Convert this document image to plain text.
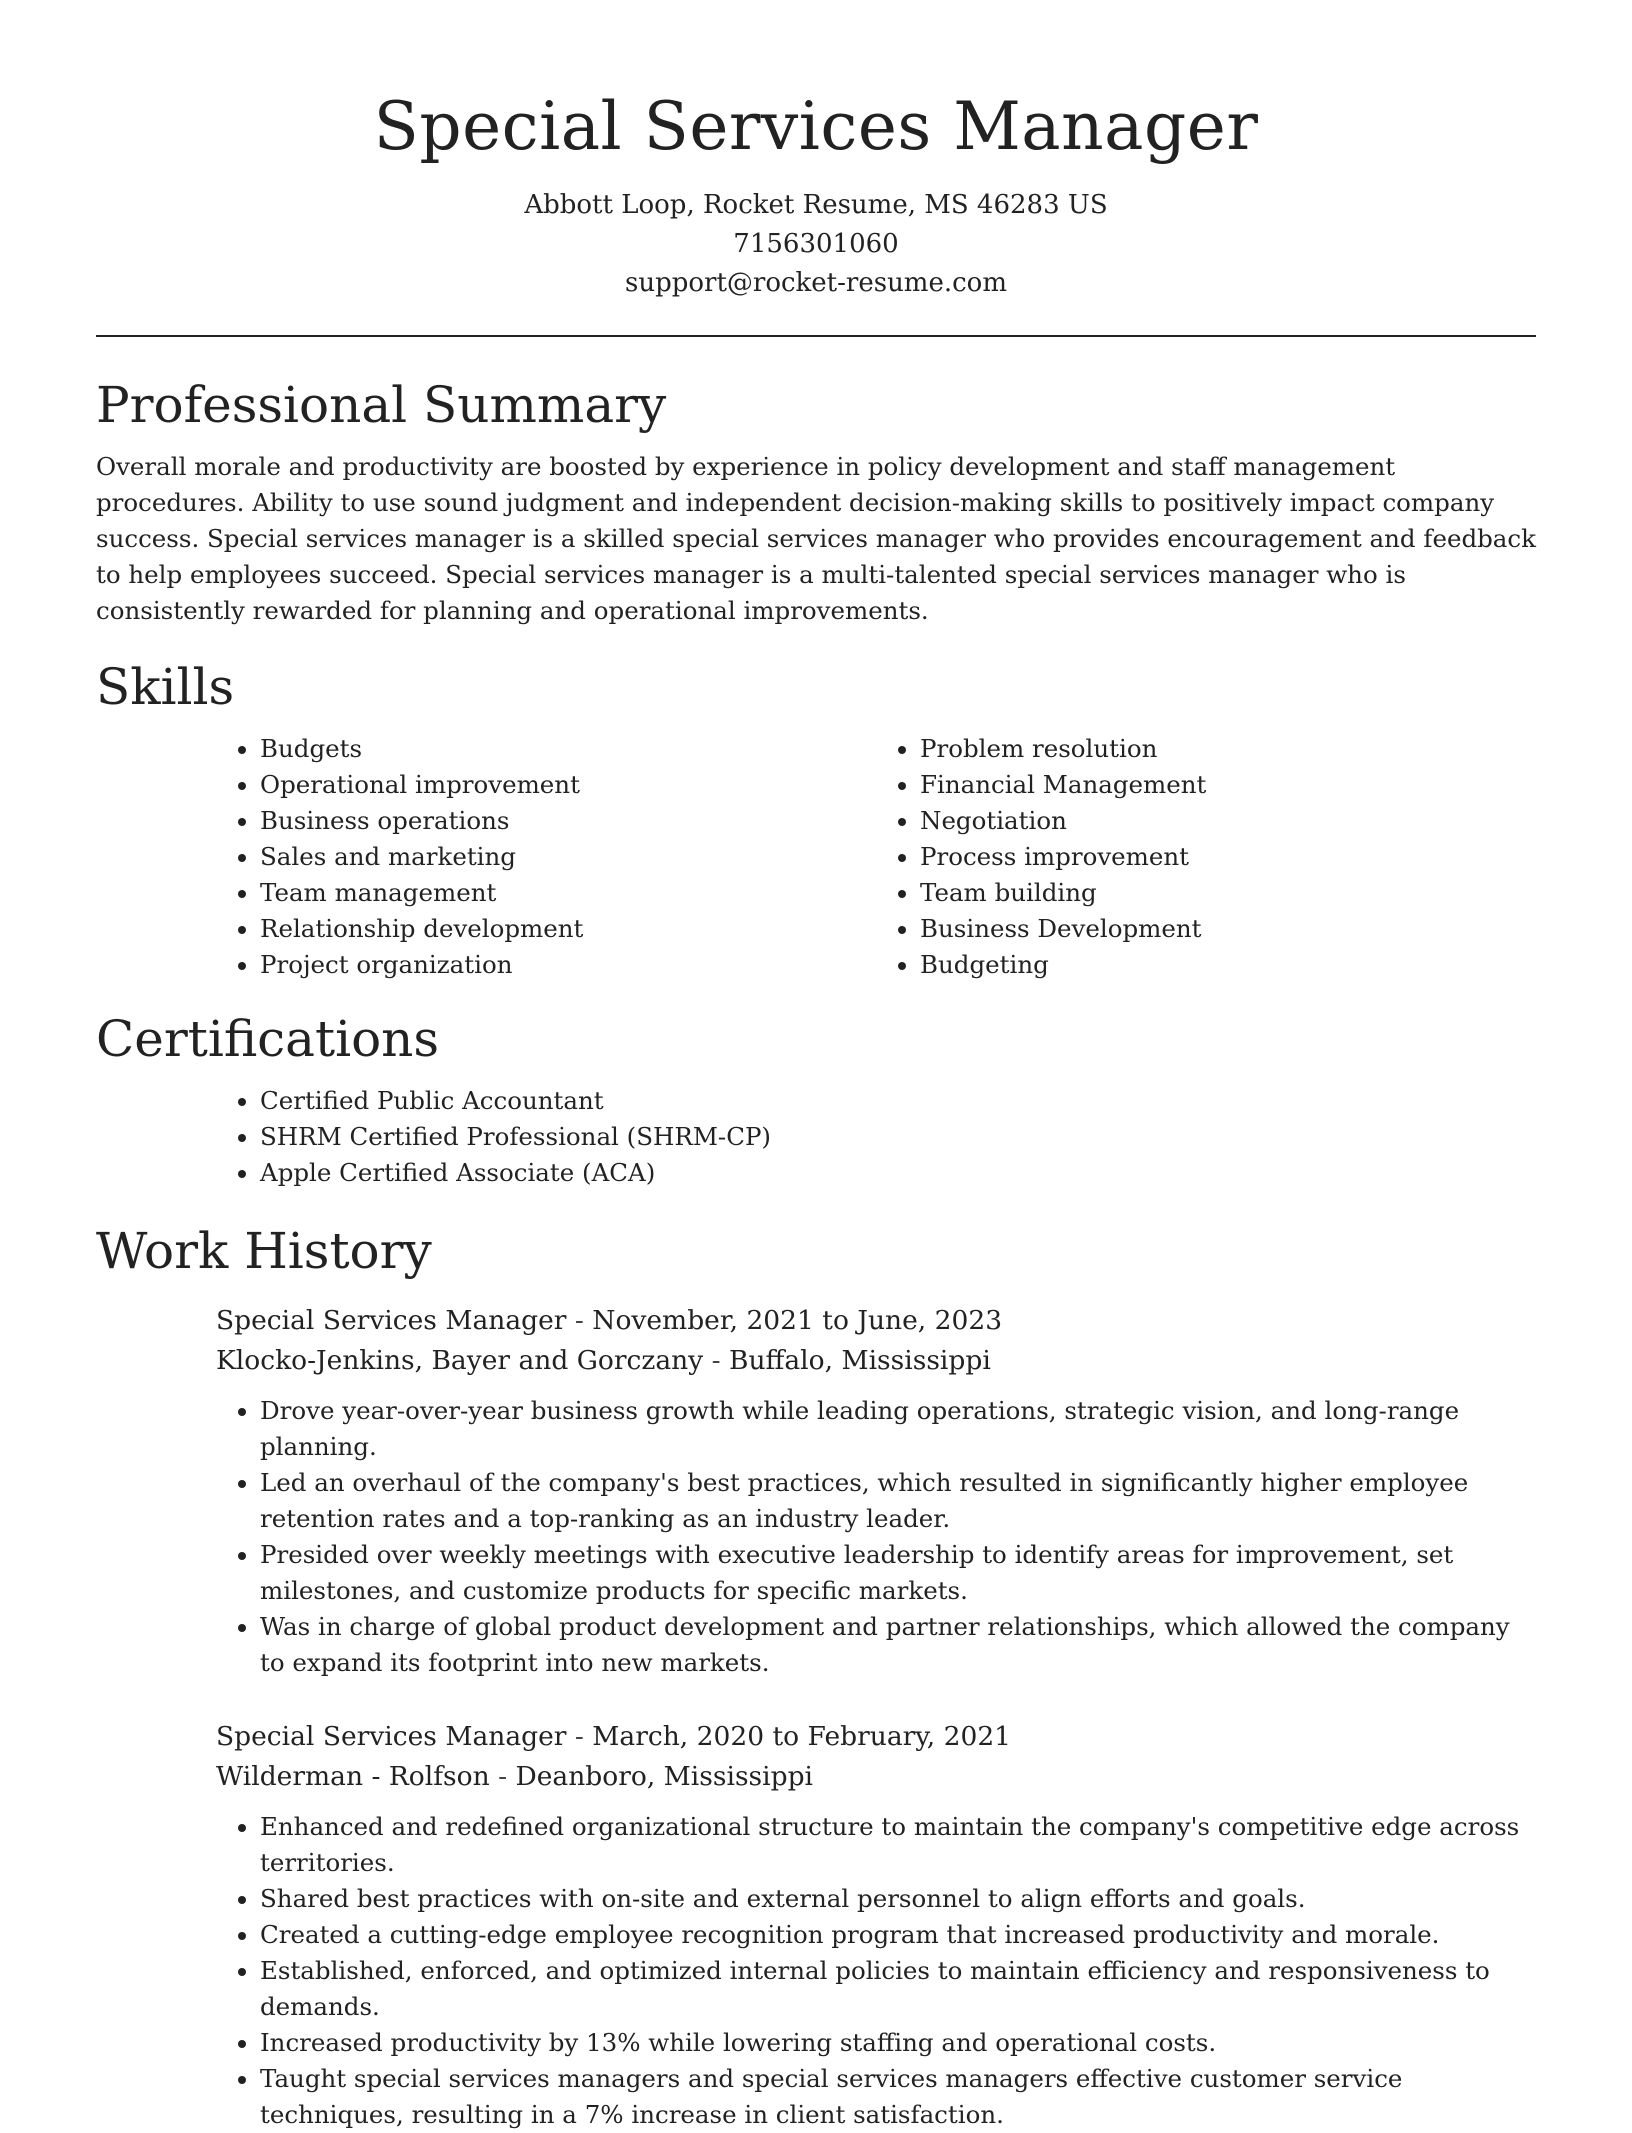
Special Services Manager
Abbott Loop, Rocket Resume, MS 46283 US
7156301060
support@rocket-resume.com
Professional Summary

Overall morale and productivity are boosted by experience in policy development and staff management procedures. Ability to use sound judgment and independent decision-making skills to positively impact company success. Special services manager is a skilled special services manager who provides encouragement and feedback to help employees succeed. Special services manager is a multi-talented special services manager who is consistently rewarded for planning and operational improvements.

Skills
• Budgets
• Operational improvement
• Business operations
• Sales and marketing
• Team management
• Relationship development
• Project organization
• Problem resolution
• Financial Management
• Negotiation
• Process improvement
• Team building
• Business Development
• Budgeting
Certifications
• Certified Public Accountant
• SHRM Certified Professional (SHRM-CP)
• Apple Certified Associate (ACA)
Work History
Special Services Manager - November, 2021 to June, 2023
Klocko-Jenkins, Bayer and Gorczany - Buffalo, Mississippi
• Drove year-over-year business growth while leading operations, strategic vision, and long-range planning.
• Led an overhaul of the company's best practices, which resulted in significantly higher employee retention rates and a top-ranking as an industry leader.
• Presided over weekly meetings with executive leadership to identify areas for improvement, set milestones, and customize products for specific markets.
• Was in charge of global product development and partner relationships, which allowed the company to expand its footprint into new markets.
Special Services Manager - March, 2020 to February, 2021
Wilderman - Rolfson - Deanboro, Mississippi
• Enhanced and redefined organizational structure to maintain the company's competitive edge across territories.
• Shared best practices with on-site and external personnel to align efforts and goals.
• Created a cutting-edge employee recognition program that increased productivity and morale.
• Established, enforced, and optimized internal policies to maintain efficiency and responsiveness to demands.
• Increased productivity by 13% while lowering staffing and operational costs.
• Taught special services managers and special services managers effective customer service techniques, resulting in a 7% increase in client satisfaction.
